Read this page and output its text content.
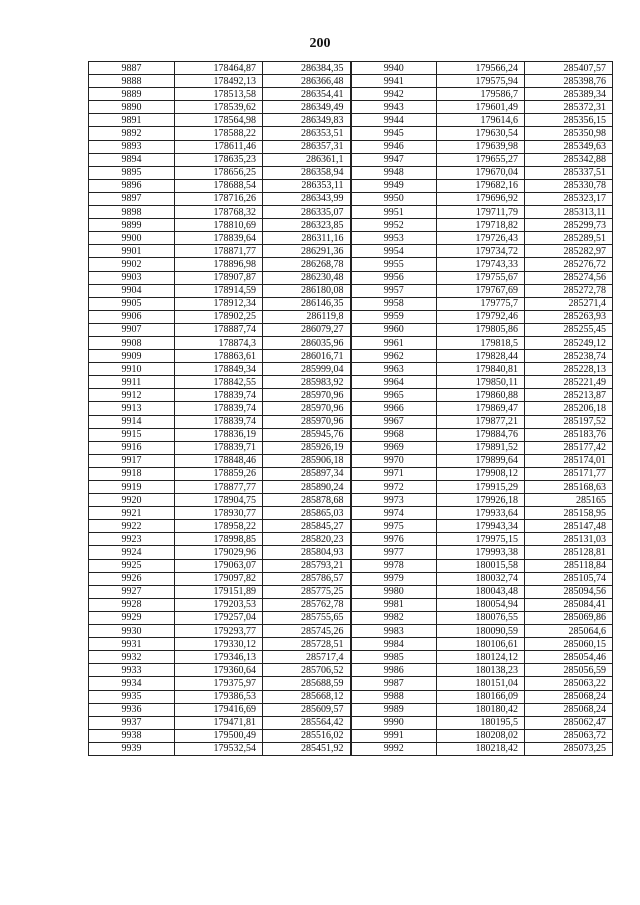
200
9887	178464,87	286384,35	9940	179566,24	285407,57
9888	178492,13	286366,48	9941	179575,94	285398,76
9889	178513,58	286354,41	9942	179586,7	285389,34
9890	178539,62	286349,49	9943	179601,49	285372,31
9891	178564,98	286349,83	9944	179614,6	285356,15
9892	178588,22	286353,51	9945	179630,54	285350,98
9893	178611,46	286357,31	9946	179639,98	285349,63
9894	178635,23	286361,1	9947	179655,27	285342,88
9895	178656,25	286358,94	9948	179670,04	285337,51
9896	178688,54	286353,11	9949	179682,16	285330,78
9897	178716,26	286343,99	9950	179696,92	285323,17
9898	178768,32	286335,07	9951	179711,79	285313,11
9899	178810,69	286323,85	9952	179718,82	285299,73
9900	178839,64	286311,16	9953	179726,43	285289,51
9901	178871,77	286291,36	9954	179734,72	285282,97
9902	178896,98	286268,78	9955	179743,33	285276,72
9903	178907,87	286230,48	9956	179755,67	285274,56
9904	178914,59	286180,08	9957	179767,69	285272,78
9905	178912,34	286146,35	9958	179775,7	285271,4
9906	178902,25	286119,8	9959	179792,46	285263,93
9907	178887,74	286079,27	9960	179805,86	285255,45
9908	178874,3	286035,96	9961	179818,5	285249,12
9909	178863,61	286016,71	9962	179828,44	285238,74
9910	178849,34	285999,04	9963	179840,81	285228,13
9911	178842,55	285983,92	9964	179850,11	285221,49
9912	178839,74	285970,96	9965	179860,88	285213,87
9913	178839,74	285970,96	9966	179869,47	285206,18
9914	178839,74	285970,96	9967	179877,21	285197,52
9915	178836,19	285945,76	9968	179884,76	285183,76
9916	178839,71	285926,19	9969	179891,52	285177,42
9917	178848,46	285906,18	9970	179899,64	285174,01
9918	178859,26	285897,34	9971	179908,12	285171,77
9919	178877,77	285890,24	9972	179915,29	285168,63
9920	178904,75	285878,68	9973	179926,18	285165
9921	178930,77	285865,03	9974	179933,64	285158,95
9922	178958,22	285845,27	9975	179943,34	285147,48
9923	178998,85	285820,23	9976	179975,15	285131,03
9924	179029,96	285804,93	9977	179993,38	285128,81
9925	179063,07	285793,21	9978	180015,58	285118,84
9926	179097,82	285786,57	9979	180032,74	285105,74
9927	179151,89	285775,25	9980	180043,48	285094,56
9928	179203,53	285762,78	9981	180054,94	285084,41
9929	179257,04	285755,65	9982	180076,55	285069,86
9930	179293,77	285745,26	9983	180090,59	285064,6
9931	179330,12	285728,51	9984	180106,61	285060,15
9932	179346,13	285717,4	9985	180124,12	285054,46
9933	179360,64	285706,52	9986	180138,23	285056,59
9934	179375,97	285688,59	9987	180151,04	285063,22
9935	179386,53	285668,12	9988	180166,09	285068,24
9936	179416,69	285609,57	9989	180180,42	285068,24
9937	179471,81	285564,42	9990	180195,5	285062,47
9938	179500,49	285516,02	9991	180208,02	285063,72
9939	179532,54	285451,92	9992	180218,42	285073,25
